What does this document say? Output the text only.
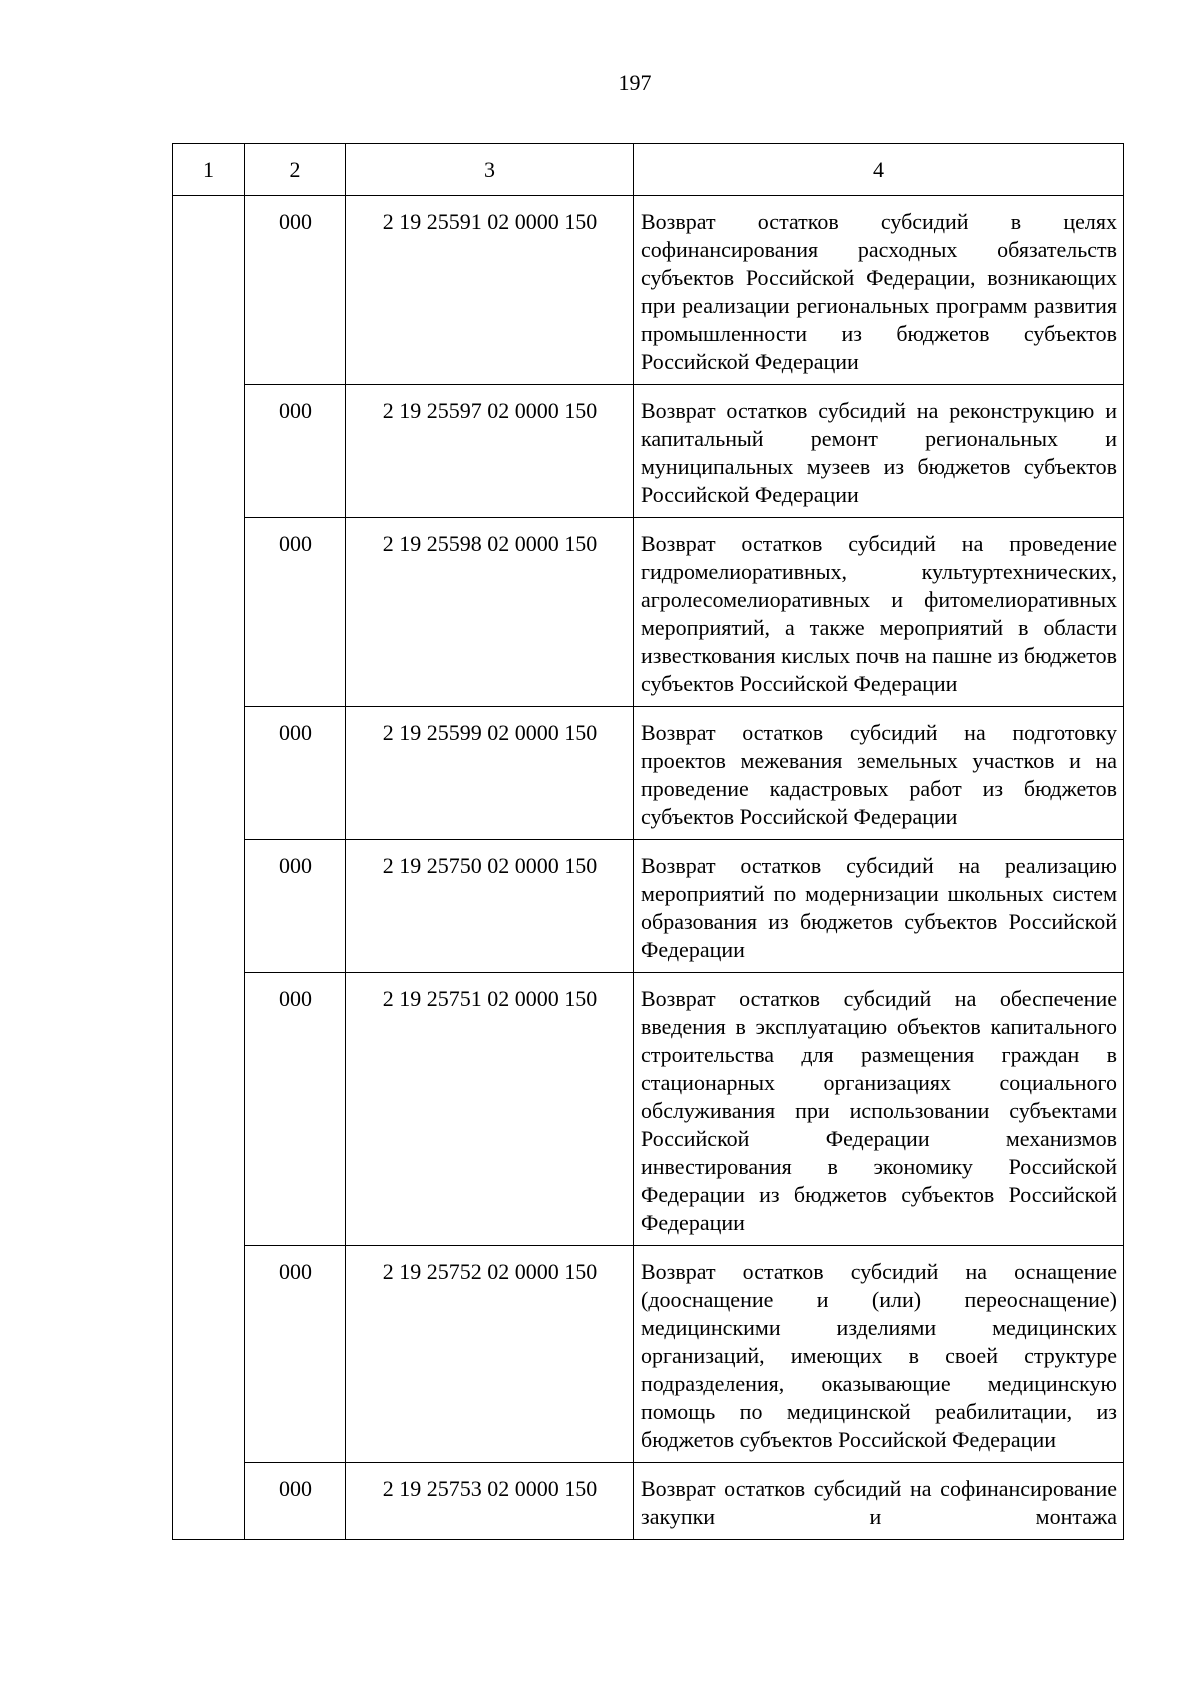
197
1	2	3	4
	000	2 19 25591 02 0000 150	Возврат остатков субсидий в целях софинансирования расходных обязательств субъектов Российской Федерации, возникающих при реализации региональных программ развития промышленности из бюджетов субъектов Российской Федерации
	000	2 19 25597 02 0000 150	Возврат остатков субсидий на реконструкцию и капитальный ремонт региональных и муниципальных музеев из бюджетов субъектов Российской Федерации
	000	2 19 25598 02 0000 150	Возврат остатков субсидий на проведение гидромелиоративных, культуртехнических, агролесомелиоративных и фитомелиоративных мероприятий, а также мероприятий в области известкования кислых почв на пашне из бюджетов субъектов Российской Федерации
	000	2 19 25599 02 0000 150	Возврат остатков субсидий на подготовку проектов межевания земельных участков и на проведение кадастровых работ из бюджетов субъектов Российской Федерации
	000	2 19 25750 02 0000 150	Возврат остатков субсидий на реализацию мероприятий по модернизации школьных систем образования из бюджетов субъектов Российской Федерации
	000	2 19 25751 02 0000 150	Возврат остатков субсидий на обеспечение введения в эксплуатацию объектов капитального строительства для размещения граждан в стационарных организациях социального обслуживания при использовании субъектами Российской Федерации механизмов инвестирования в экономику Российской Федерации из бюджетов субъектов Российской Федерации
	000	2 19 25752 02 0000 150	Возврат остатков субсидий на оснащение (дооснащение и (или) переоснащение) медицинскими изделиями медицинских организаций, имеющих в своей структуре подразделения, оказывающие медицинскую помощь по медицинской реабилитации, из бюджетов субъектов Российской Федерации
	000	2 19 25753 02 0000 150	Возврат остатков субсидий на софинансирование закупки и монтажа
